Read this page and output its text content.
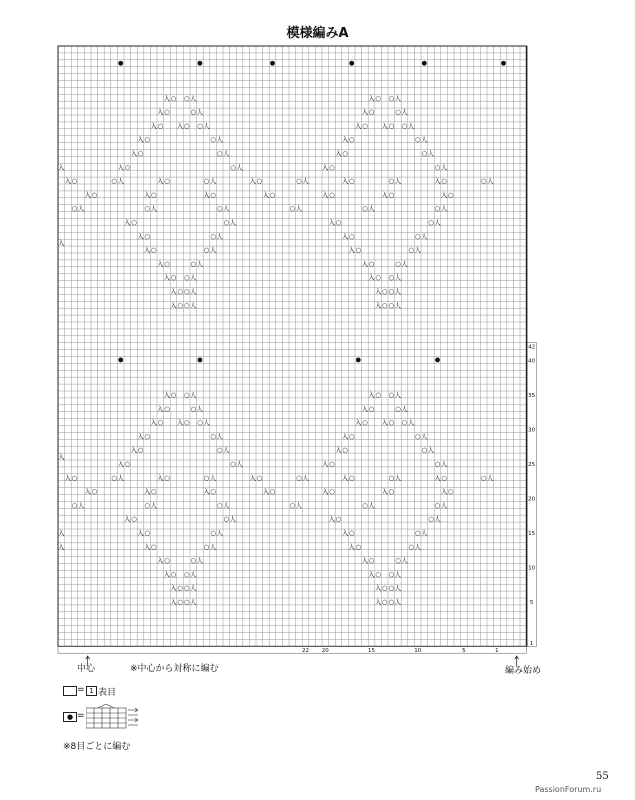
模様編みA
入 ○ ○ 人
入 ○	○ 人
入 ○ 入 ○ ○ 人
入 ○	○ 人
入 ○	○ 人
入 ○	○ 人
入 ○ ○ 人
入 ○	○ 人
入 ○ 入 ○ ○ 人
入 ○	○ 人
入 ○	○ 人
入 ○	○ 人
入 ○	○ 人	入 ○	○ 人	入 ○	○ 人	入 ○	○ 人	入 ○	○ 人
入 ○	入 ○	入 ○	入 ○	入 ○	入 ○	入 ○
○ 人	○ 人	○ 人	○ 人	○ 人	○ 人
入 ○	○ 人
入 ○	○ 人
入 ○	○ 人
入 ○	○ 人
入 ○ ○ 人
入 ○ ○ 人
入 ○ ○ 人
入 ○	○ 人
入 ○	○ 人
入 ○	○ 人
入 ○	○ 人
入 ○ ○ 人
入 ○ ○ 人
入 ○ ○ 人
入 ○ ○ 人
入 ○	○ 人
入 ○ 入 ○ ○ 人
入 ○	○ 人
入 ○	○ 人
入 ○	○ 人
入 ○ ○ 人
入 ○	○ 人
入 ○ 入 ○ ○ 人
入 ○	○ 人
入 ○	○ 人
入 ○	○ 人
入 ○	○ 人	入 ○	○ 人	入 ○	○ 人	入 ○	○ 人	入 ○	○ 人
入 ○	入 ○	入 ○	入 ○	入 ○	入 ○	入 ○
○ 人	○ 人	○ 人	○ 人	○ 人	○ 人
入 ○	○ 人
入 ○	○ 人
入 ○	○ 人
入 ○	○ 人
入 ○ ○ 人
入 ○ ○ 人
入 ○ ○ 人
入 ○	○ 人
入 ○	○ 人
入 ○	○ 人
入 ○	○ 人
入 ○ ○ 人
入 ○ ○ 人
入 ○ ○ 人
入
入
入
入
入
42
40
35
30
25
20
15
10
5
1
22 20	15	10	5	1
中心	※中心から対称に編む	編み始め
= 1 表目
● =
※8目ごとに編む
55
PassionForum.ru
